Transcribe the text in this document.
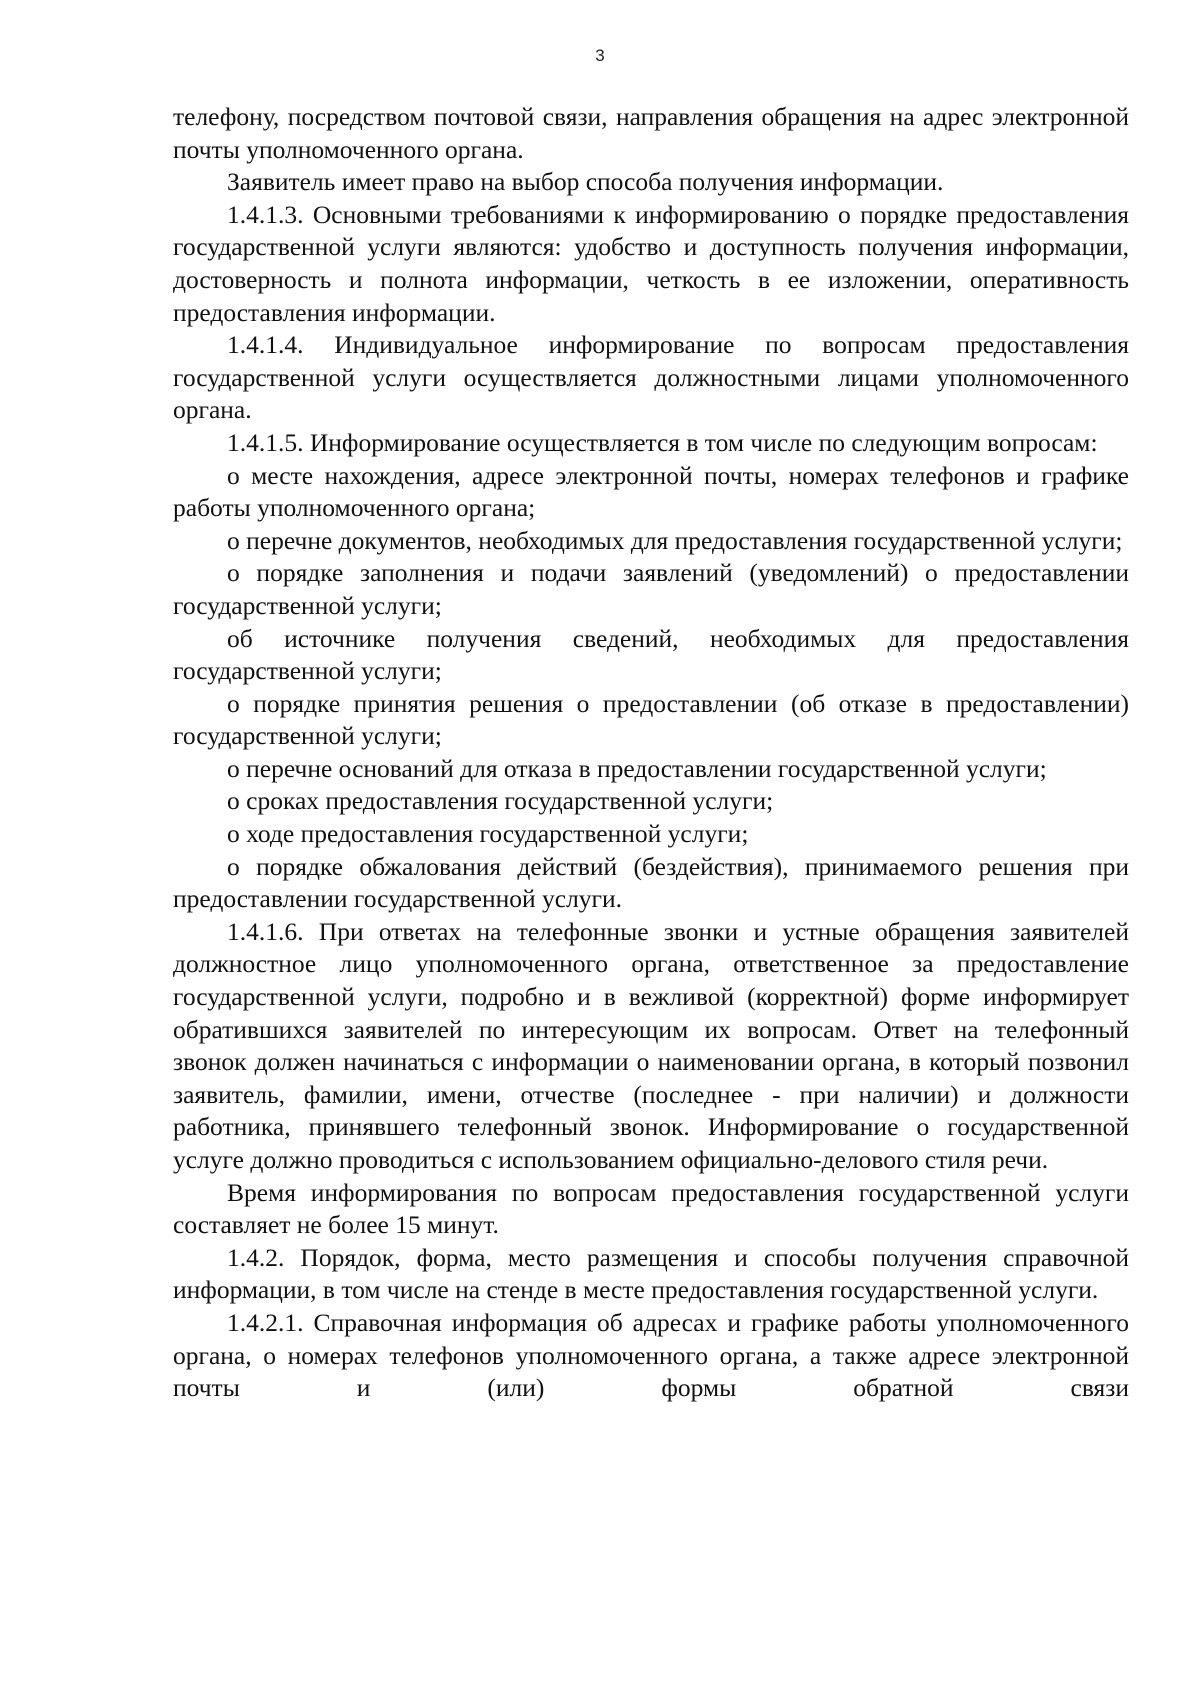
3

телефону, посредством почтовой связи, направления обращения на адрес электронной почты уполномоченного органа.

Заявитель имеет право на выбор способа получения информации.

1.4.1.3. Основными требованиями к информированию о порядке предоставления государственной услуги являются: удобство и доступность получения информации, достоверность и полнота информации, четкость в ее изложении, оперативность предоставления информации.

1.4.1.4. Индивидуальное информирование по вопросам предоставления государственной услуги осуществляется должностными лицами уполномоченного органа.

1.4.1.5. Информирование осуществляется в том числе по следующим вопросам:

о месте нахождения, адресе электронной почты, номерах телефонов и графике работы уполномоченного органа;

о перечне документов, необходимых для предоставления государственной услуги;

о порядке заполнения и подачи заявлений (уведомлений) о предоставлении государственной услуги;

об источнике получения сведений, необходимых для предоставления государственной услуги;

о порядке принятия решения о предоставлении (об отказе в предоставлении) государственной услуги;

о перечне оснований для отказа в предоставлении государственной услуги;

о сроках предоставления государственной услуги;

о ходе предоставления государственной услуги;

о порядке обжалования действий (бездействия), принимаемого решения при предоставлении государственной услуги.

1.4.1.6. При ответах на телефонные звонки и устные обращения заявителей должностное лицо уполномоченного органа, ответственное за предоставление государственной услуги, подробно и в вежливой (корректной) форме информирует обратившихся заявителей по интересующим их вопросам. Ответ на телефонный звонок должен начинаться с информации о наименовании органа, в который позвонил заявитель, фамилии, имени, отчестве (последнее - при наличии) и должности работника, принявшего телефонный звонок. Информирование о государственной услуге должно проводиться с использованием официально-делового стиля речи.

Время информирования по вопросам предоставления государственной услуги составляет не более 15 минут.

1.4.2. Порядок, форма, место размещения и способы получения справочной информации, в том числе на стенде в месте предоставления государственной услуги.

1.4.2.1. Справочная информация об адресах и графике работы уполномоченного органа, о номерах телефонов уполномоченного органа, а также адресе электронной почты и (или) формы обратной связи
